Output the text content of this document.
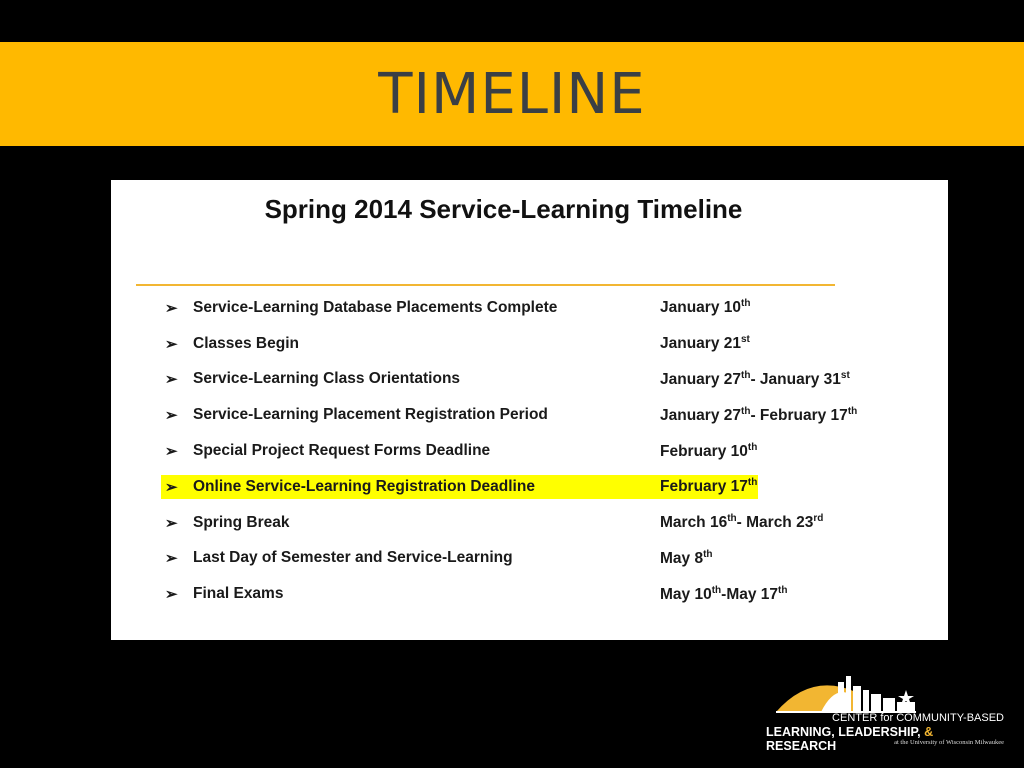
TIMELINE
Spring 2014 Service-Learning Timeline
➢ Service-Learning Database Placements Complete	January 10th
➢ Classes Begin	January 21st
➢ Service-Learning Class Orientations	January 27th- January 31st
➢ Service-Learning Placement Registration Period	January 27th- February 17th
➢ Special Project Request Forms Deadline	February 10th
➢ Online Service-Learning Registration Deadline	February 17th
➢ Spring Break	March 16th- March 23rd
➢ Last Day of Semester and Service-Learning	May 8th
➢ Final Exams	May 10th-May 17th
CENTER for COMMUNITY-BASED
LEARNING, LEADERSHIP, & RESEARCH	at the University of Wisconsin Milwaukee
